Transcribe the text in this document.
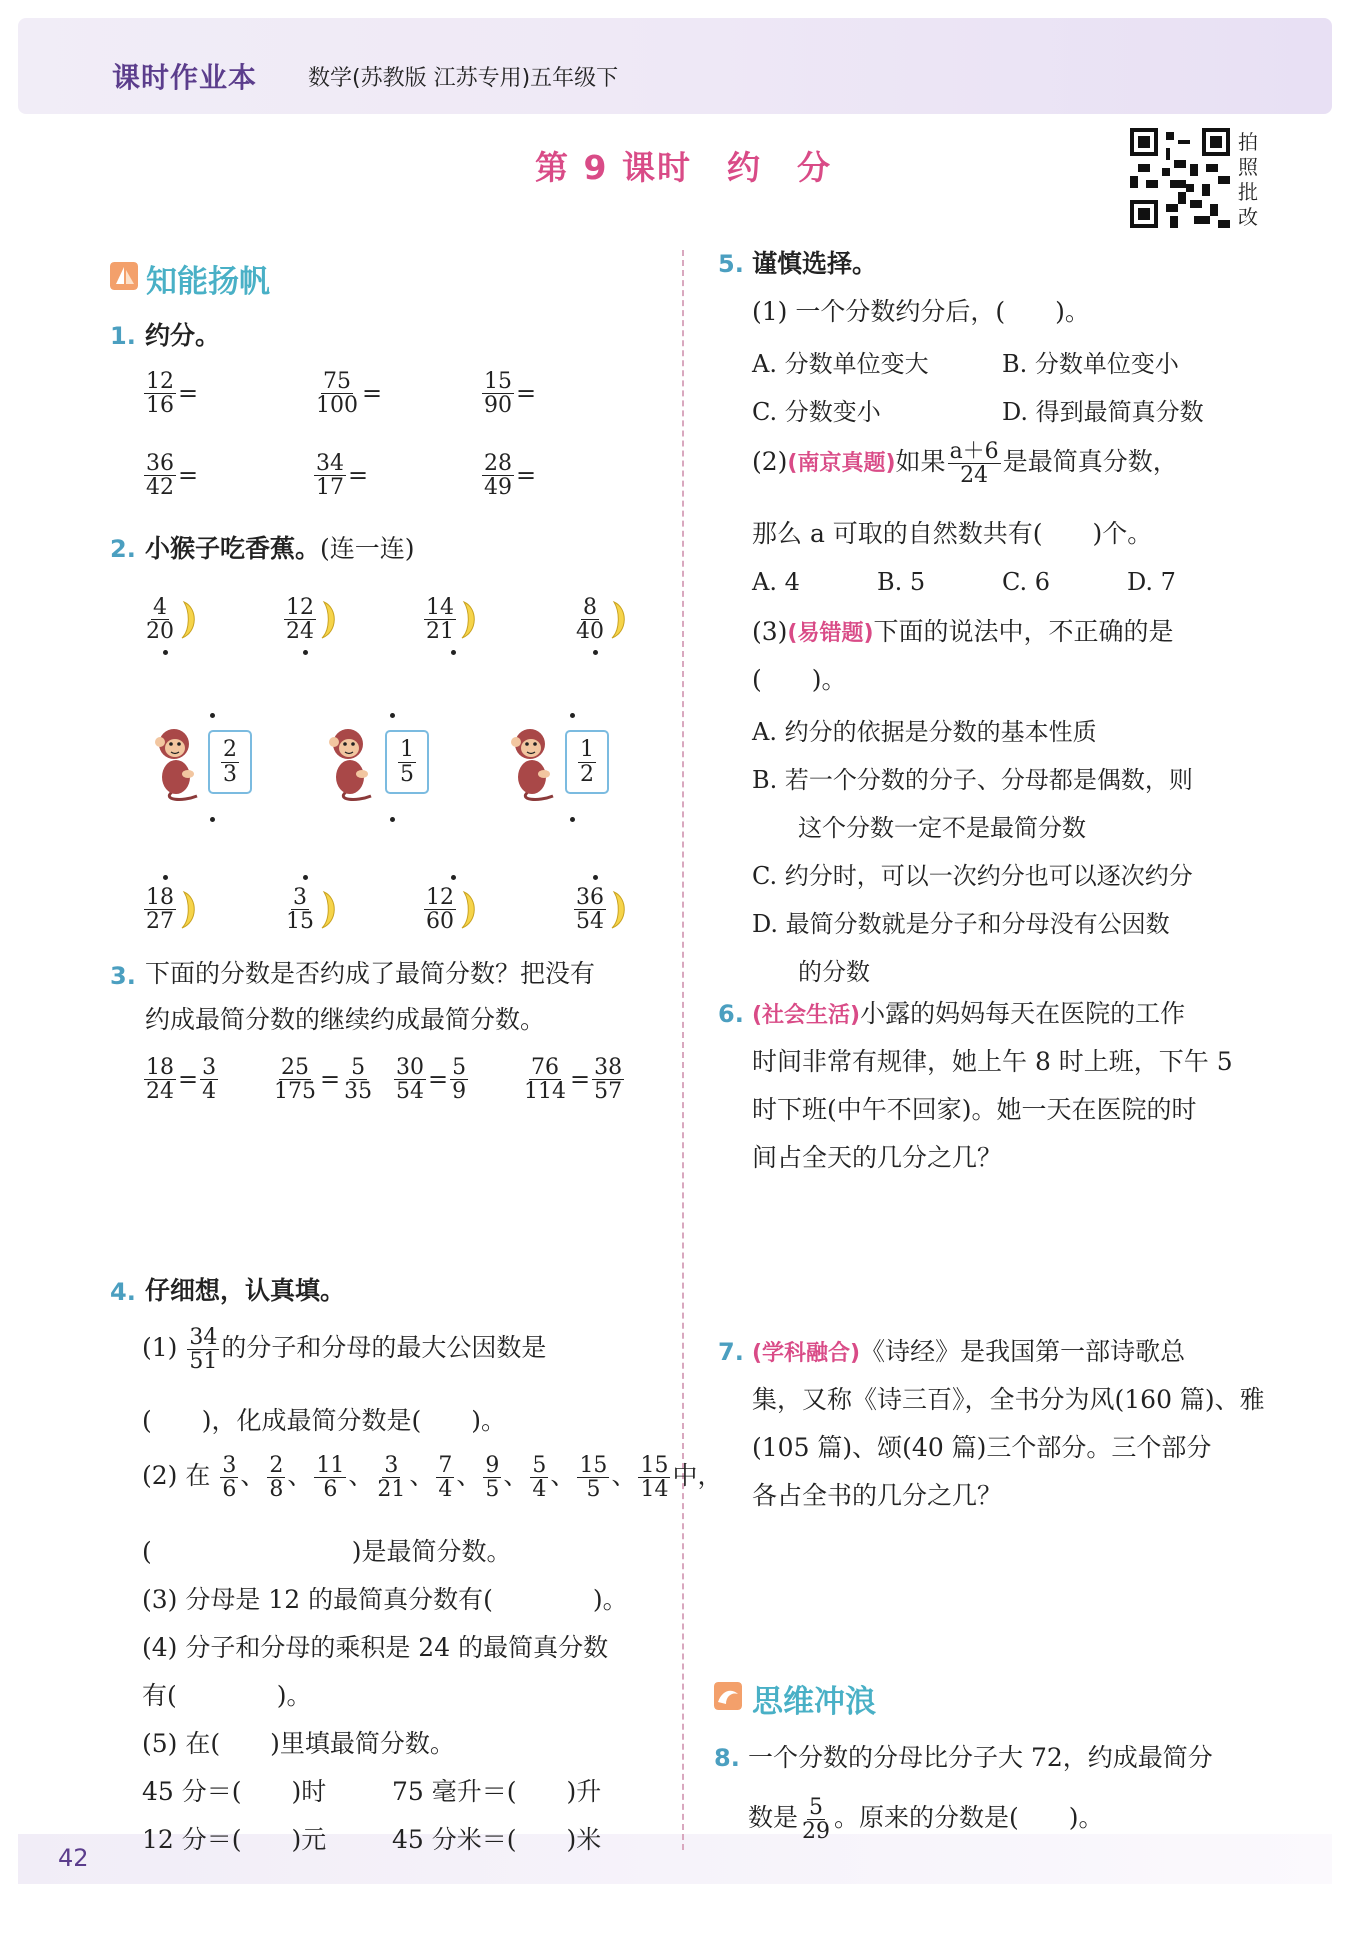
课时作业本 数学(苏教版 江苏专用)五年级下
第 9 课时　约　分
拍照批改
知能扬帆
1. 约分。
$\frac{12}{16}$ =	$\frac{75}{100}$ =	$\frac{15}{90}$ =
$\frac{36}{42}$ =	$\frac{34}{17}$ =	$\frac{28}{49}$ =
2. 小猴子吃香蕉。(连一连)
$\frac{4}{20}$	$\frac{12}{24}$	$\frac{14}{21}$	$\frac{8}{40}$
$\frac{2}{3}$	$\frac{1}{5}$	$\frac{1}{2}$
$\frac{18}{27}$	$\frac{3}{15}$	$\frac{12}{60}$	$\frac{36}{54}$
3. 下面的分数是否约成了最简分数？把没有
约成最简分数的继续约成最简分数。
$\frac{18}{24} = \frac{3}{4} \frac{25}{175} = \frac{5}{35} \frac{30}{54} = \frac{5}{9} \frac{76}{114} = \frac{38}{57}$
4. 仔细想，认真填。
$(1) \frac{34}{51}$ 的分子和分母的最大公因数是
(　　)，化成最简分数是(　　)。
(2) 在 $\frac{3}{6}$ 、 $\frac{2}{8}$ 、 $\frac{11}{6}$ 、 $\frac{3}{21}$ 、 $\frac{7}{4}$ 、 $\frac{9}{5}$ 、 $\frac{5}{4}$ 、 $\frac{15}{5}$ 、 $\frac{15}{14}$ 中，
(　　　　　　　　)是最简分数。
(3) 分母是 12 的最简真分数有(　　　　)。
(4) 分子和分母的乘积是 24 的最简真分数
有(　　　　)。
(5) 在(　　)里填最简分数。
45 分＝(　　)时	75 毫升＝(　　)升
12 分＝(　　)元	45 分米＝(　　)米
5. 谨慎选择。
(1) 一个分数约分后，(　　)。
A. 分数单位变大	B. 分数单位变小
C. 分数变小	D. 得到最简真分数
(2)(南京真题)如果 $\frac{a+6}{24}$ 是最简真分数，
那么 a 可取的自然数共有(　　)个。
A. 4	B. 5	C. 6	D. 7
(3)(易错题)下面的说法中，不正确的是
(　　)。
A. 约分的依据是分数的基本性质
B. 若一个分数的分子、分母都是偶数，则
这个分数一定不是最简分数
C. 约分时，可以一次约分也可以逐次约分
D. 最简分数就是分子和分母没有公因数
的分数
6. (社会生活)小露的妈妈每天在医院的工作
时间非常有规律，她上午 8 时上班，下午 5
时下班(中午不回家)。她一天在医院的时
间占全天的几分之几？
7. (学科融合)《诗经》是我国第一部诗歌总
集，又称《诗三百》，全书分为风(160 篇)、雅
(105 篇)、颂(40 篇)三个部分。三个部分
各占全书的几分之几？
思维冲浪
8. 一个分数的分母比分子大 72，约成最简分
数是 $\frac{5}{29}$ 。原来的分数是(　　)。
42
